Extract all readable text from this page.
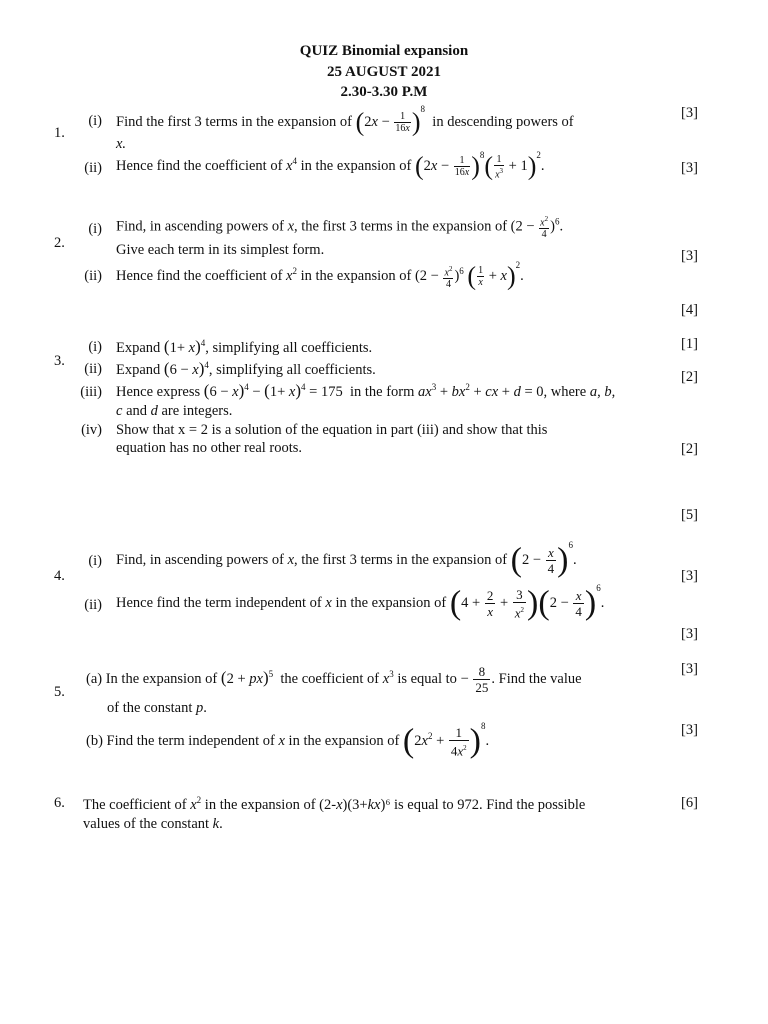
QUIZ Binomial expansion
25 AUGUST 2021
2.30-3.30 P.M
1.
(i) Find the first 3 terms in the expansion of $(2x - \frac{1}{16x} )^8$  in descending powers of
x.
[3]
(ii) Hence find the coefficient of $x^4$ in the expansion of $(2x - \frac{1}{16x} )^8( \frac{1}{x^3} + 1)^2$.	[3]
2.
(i) Find, in ascending powers of x, the first 3 terms in the expansion of $(2 - \frac{x^2}{4} )^6$.
Give each term in its simplest form.	[3]
(ii) Hence find the coefficient of $x^2$ in the expansion of $(2 - \frac{x^2}{4} )^6$ ( $\frac{1}{x} + x)^2$.
[4]
3.
(i) Expand $(1+ x)^4$, simplifying all coefficients.	[1]
(ii) Expand $(6 - x)^4$, simplifying all coefficients.	[2]
(iii) Hence express $(6 - x)^4 - (1+ x)^4 = 175$  in the form $ax^3 + bx^2$ + cx + d = 0, where a, b,
c and d are integers.
(iv) Show that x = 2 is a solution of the equation in part (iii) and show that this
equation has no other real roots.	[2]
[5]
4.
(i) Find, in ascending powers of x, the first 3 terms in the expansion of $(2 - \frac{x}{4} )^6$.
[3]
(ii) Hence find the term independent of x in the expansion of $(4 + \frac{2}{x} + \frac{3}{x^2} )(2 - \frac{x}{4} )^6$.
[3]
5.
(a) In the expansion of (2 + px)$^5$ the coefficient of $x^3$ is equal to − $\frac{8}{25}$ . Find the value
of the constant p.
[3]
(b) Find the term independent of x in the expansion of $(2x^2 + \frac{1}{4x^2} )^8$.
[3]
6. The coefficient of $x^2$ in the expansion of (2-x)(3+kx)⁶ is equal to 972. Find the possible
values of the constant k.
[6]
